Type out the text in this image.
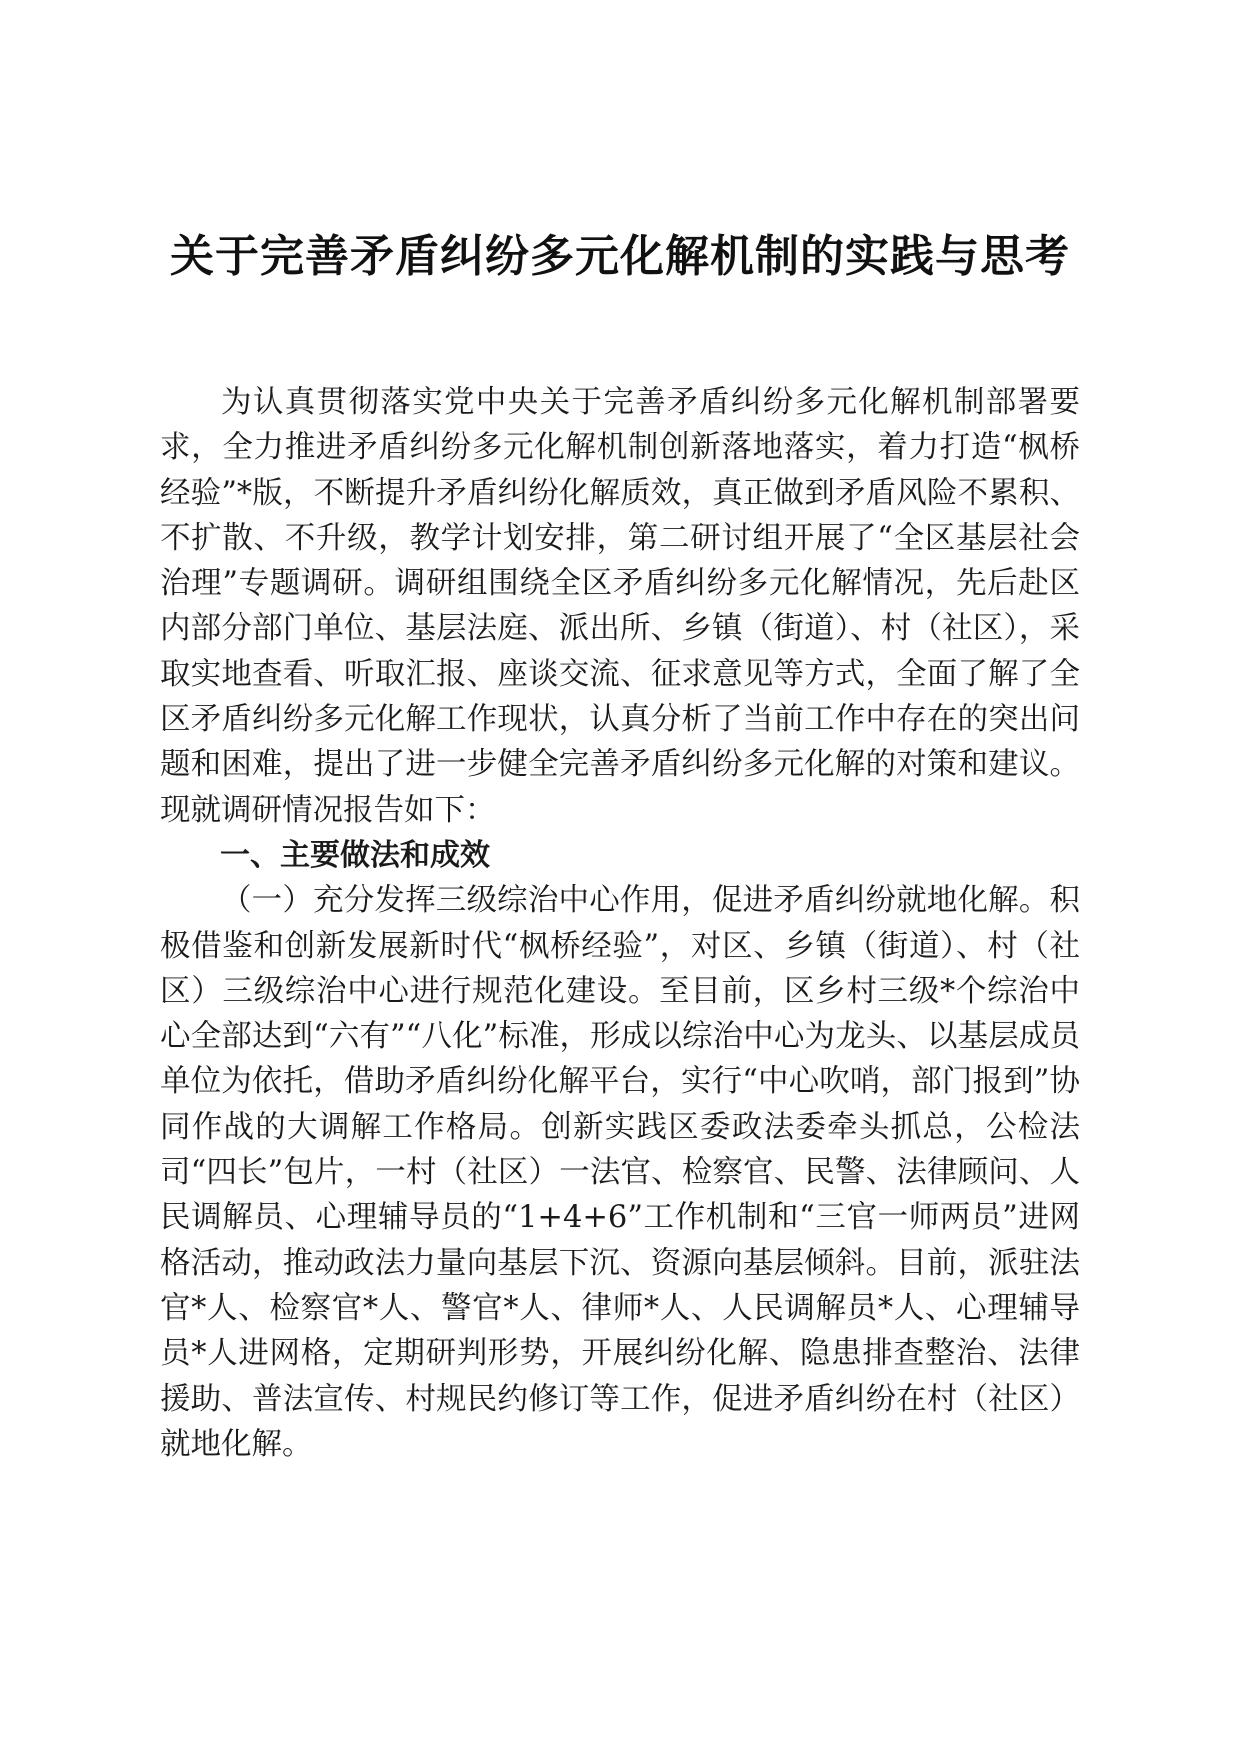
关于完善矛盾纠纷多元化解机制的实践与思考

为认真贯彻落实党中央关于完善矛盾纠纷多元化解机制部署要求，全力推进矛盾纠纷多元化解机制创新落地落实，着力打造“枫桥经验”*版，不断提升矛盾纠纷化解质效，真正做到矛盾风险不累积、不扩散、不升级，教学计划安排，第二研讨组开展了“全区基层社会治理”专题调研。调研组围绕全区矛盾纠纷多元化解情况，先后赴区内部分部门单位、基层法庭、派出所、乡镇（街道）、村（社区），采取实地查看、听取汇报、座谈交流、征求意见等方式，全面了解了全区矛盾纠纷多元化解工作现状，认真分析了当前工作中存在的突出问题和困难，提出了进一步健全完善矛盾纠纷多元化解的对策和建议。现就调研情况报告如下：

一、主要做法和成效

（一）充分发挥三级综治中心作用，促进矛盾纠纷就地化解。积极借鉴和创新发展新时代“枫桥经验”，对区、乡镇（街道）、村（社区）三级综治中心进行规范化建设。至目前，区乡村三级*个综治中心全部达到“六有”“八化”标准，形成以综治中心为龙头、以基层成员单位为依托，借助矛盾纠纷化解平台，实行“中心吹哨，部门报到”协同作战的大调解工作格局。创新实践区委政法委牵头抓总，公检法司“四长”包片，一村（社区）一法官、检察官、民警、法律顾问、人民调解员、心理辅导员的“1+4+6”工作机制和“三官一师两员”进网格活动，推动政法力量向基层下沉、资源向基层倾斜。目前，派驻法官*人、检察官*人、警官*人、律师*人、人民调解员*人、心理辅导员*人进网格，定期研判形势，开展纠纷化解、隐患排查整治、法律援助、普法宣传、村规民约修订等工作，促进矛盾纠纷在村（社区）就地化解。
